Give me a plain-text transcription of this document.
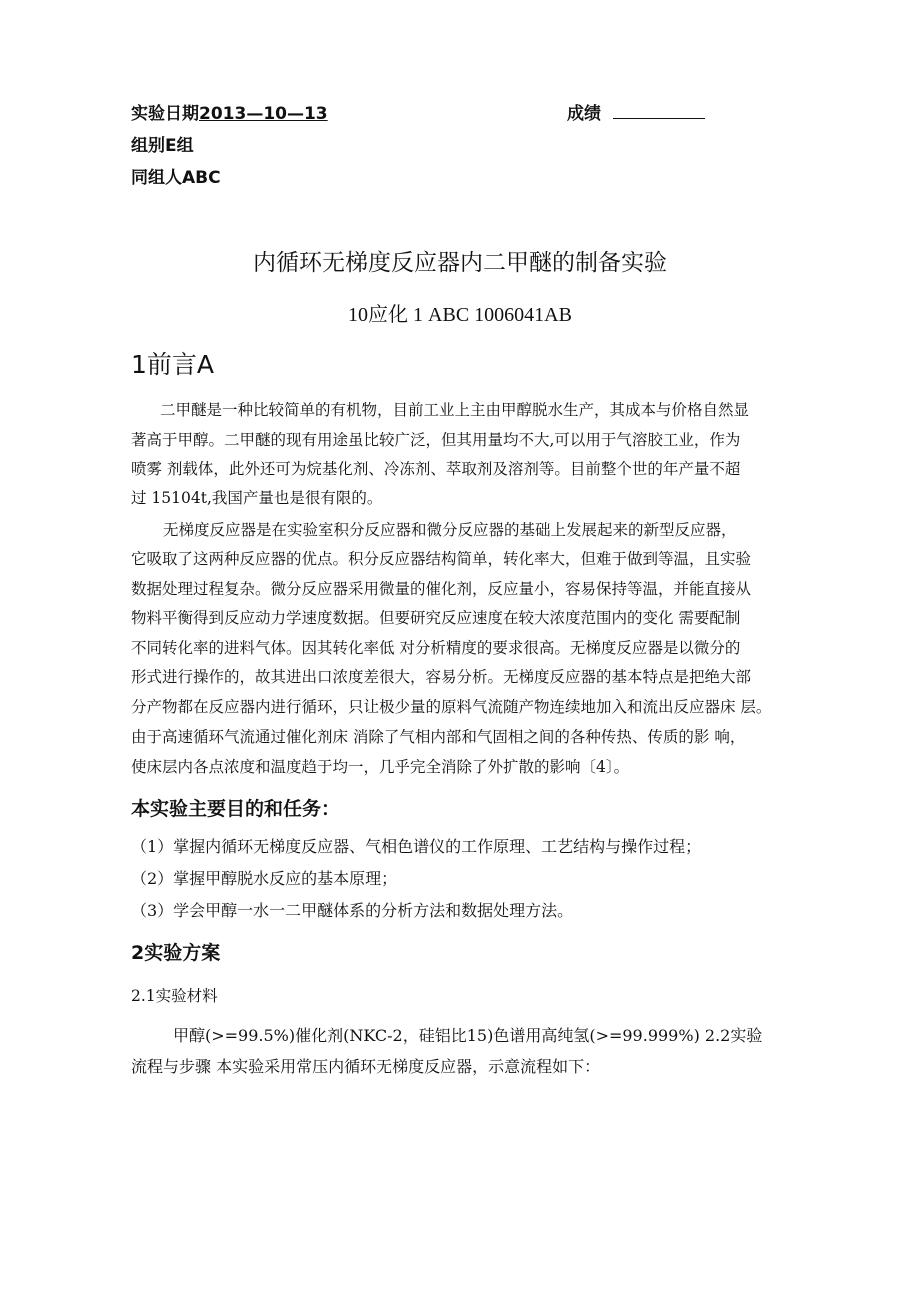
实验日期2013—10—13	成绩
组别E组
同组人ABC
内循环无梯度反应器内二甲醚的制备实验
10应化 1 ABC 1006041AB
1前言A
二甲醚是一种比较简单的有机物，目前工业上主由甲醇脱水生产，其成本与价格自然显
著高于甲醇。二甲醚的现有用途虽比较广泛，但其用量均不大,可以用于气溶胶工业，作为
喷雾 剂载体，此外还可为烷基化剂、冷冻剂、萃取剂及溶剂等。目前整个世的年产量不超
过 15104t,我国产量也是很有限的。
无梯度反应器是在实验室积分反应器和微分反应器的基础上发展起来的新型反应器，
它吸取了这两种反应器的优点。积分反应器结构简单，转化率大，但难于做到等温，且实验
数据处理过程复杂。微分反应器采用微量的催化剂，反应量小，容易保持等温，并能直接从
物料平衡得到反应动力学速度数据。但要研究反应速度在较大浓度范围内的变化 需要配制
不同转化率的进料气体。因其转化率低 对分析精度的要求很高。无梯度反应器是以微分的
形式进行操作的，故其进出口浓度差很大，容易分析。无梯度反应器的基本特点是把绝大部
分产物都在反应器内进行循环，只让极少量的原料气流随产物连续地加入和流出反应器床 层。
由于高速循环气流通过催化剂床 消除了气相内部和气固相之间的各种传热、传质的影 响，
使床层内各点浓度和温度趋于均一，几乎完全消除了外扩散的影响〔4〕。
本实验主要目的和任务：
（1）掌握内循环无梯度反应器、气相色谱仪的工作原理、工艺结构与操作过程；
（2）掌握甲醇脱水反应的基本原理；
（3）学会甲醇一水一二甲醚体系的分析方法和数据处理方法。
2实验方案
2.1实验材料
甲醇(>=99.5%)催化剂(NKC-2，硅铝比15)色谱用高纯氢(>=99.999%) 2.2实验
流程与步骤 本实验采用常压内循环无梯度反应器，示意流程如下：
